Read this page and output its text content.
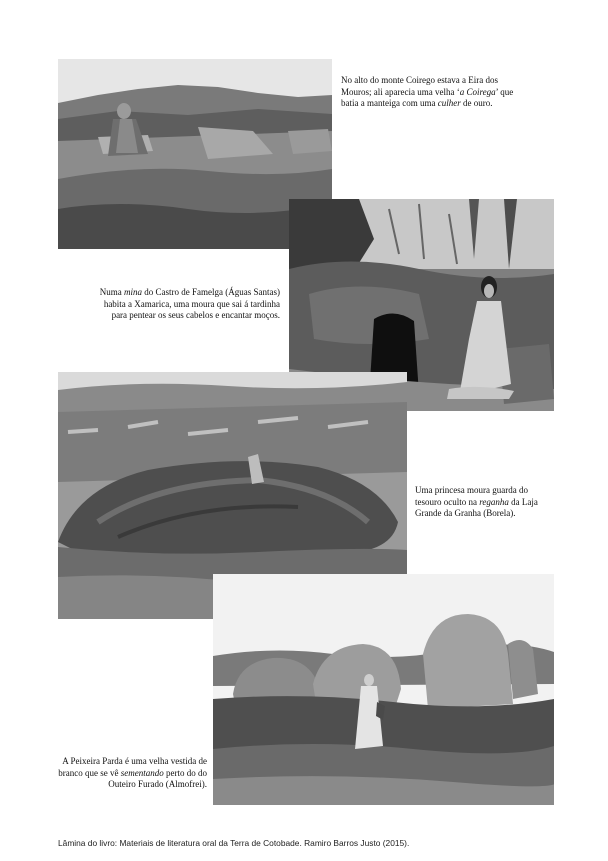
No alto do monte Coirego estava a Eira dos Mouros; ali aparecia uma velha ‘a Coirega’ que batia a manteiga com uma culher de ouro.
Numa mina do Castro de Famelga (Águas Santas) habita a Xamarica, uma moura que sai á tardinha para pentear os seus cabelos e encantar moços.
Uma princesa moura guarda do tesouro oculto na reganha da Laja Grande da Granha (Borela).
A Peixeira Parda é uma velha vestida de branco que se vê sementando perto do do Outeiro Furado (Almofrei).
Lâmina do livro: Materiais de literatura oral da Terra de Cotobade. Ramiro Barros Justo (2015).
